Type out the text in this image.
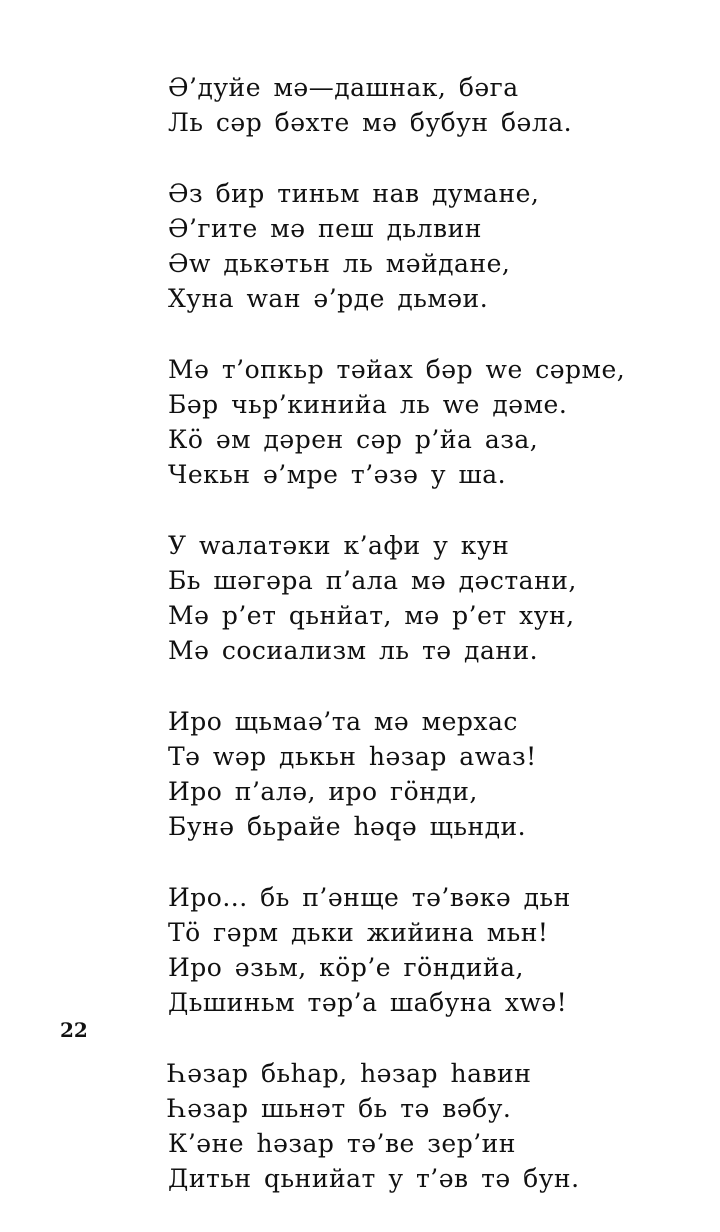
Ә’дуйе мә—дашнак, бәга
Ль сәр бәхте мә бубун бәла.
Әз бир тиньм нав думане,
Ә’гите мә пеш дьлвин
Әw дькәтьн ль мәйдане,
Хуна wан ә’рде дьмәи.
Мә т’опкьр тәйах бәр we сәрме,
Бәр чьр’кинийа ль we дәме.
Кӧ әм дәрен сәр р’йа аза,
Чекьн ә’мре т’әзә у ша.
У wалатәки к’афи у кун
Бь шәгәра п’ала мә дәстани,
Мә р’ет ԛьнйат, мә р’ет хун,
Мә сосиализм ль тә дани.
Иро щьмаә’та мә мерхас
Тә wәр дькьн һәзар аwаз!
Иро п’алә, иро гӧнди,
Бунә бьрайе һәԛә щьнди.
Иро... бь п’әнще тә’вәкә дьн
Тӧ гәрм дьки жийина мьн!
Иро әзьм, кӧр’е гӧндийа,
Дьшиньм тәр’а шабуна хwә!
Һәзар бьһар, һәзар һавин
Һәзар шьнәт бь тә вәбу.
К’әне һәзар тә’ве зер’ин
Дитьн ԛьнийат у т’әв тә бун.
22
